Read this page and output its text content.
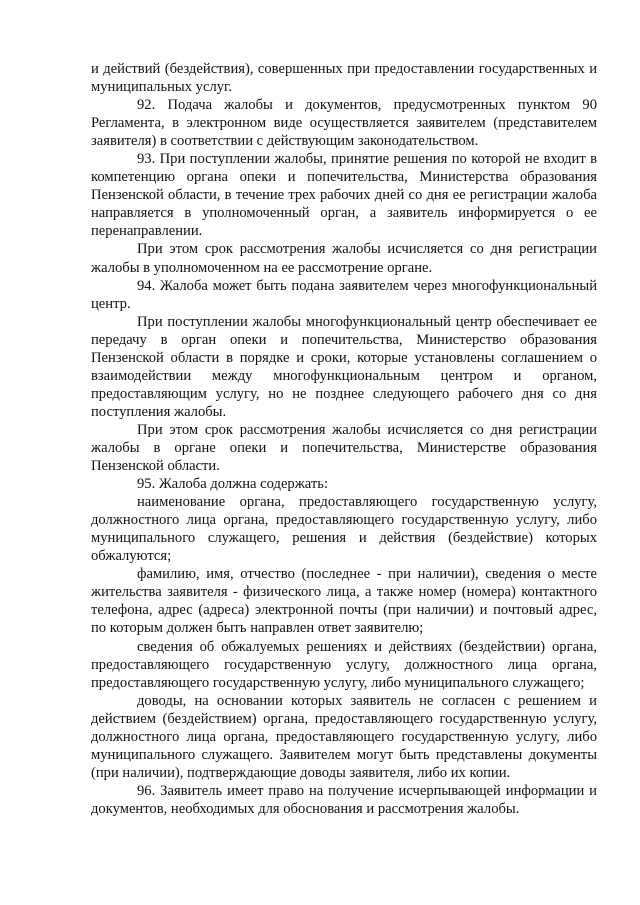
и действий (бездействия), совершенных при предоставлении государственных и муниципальных услуг.

92. Подача жалобы и документов, предусмотренных пунктом 90 Регламента, в электронном виде осуществляется заявителем (представителем заявителя) в соответствии с действующим законодательством.

93. При поступлении жалобы, принятие решения по которой не входит в компетенцию органа опеки и попечительства, Министерства образования Пензенской области, в течение трех рабочих дней со дня ее регистрации жалоба направляется в уполномоченный орган, а заявитель информируется о ее перенаправлении.

При этом срок рассмотрения жалобы исчисляется со дня регистрации жалобы в уполномоченном на ее рассмотрение органе.

94. Жалоба может быть подана заявителем через многофункциональный центр.

При поступлении жалобы многофункциональный центр обеспечивает ее передачу в орган опеки и попечительства, Министерство образования Пензенской области в порядке и сроки, которые установлены соглашением о взаимодействии между многофункциональным центром и органом, предоставляющим услугу, но не позднее следующего рабочего дня со дня поступления жалобы.

При этом срок рассмотрения жалобы исчисляется со дня регистрации жалобы в органе опеки и попечительства, Министерстве образования Пензенской области.

95. Жалоба должна содержать:

наименование органа, предоставляющего государственную услугу, должностного лица органа, предоставляющего государственную услугу, либо муниципального служащего, решения и действия (бездействие) которых обжалуются;

фамилию, имя, отчество (последнее - при наличии), сведения о месте жительства заявителя - физического лица, а также номер (номера) контактного телефона, адрес (адреса) электронной почты (при наличии) и почтовый адрес, по которым должен быть направлен ответ заявителю;

сведения об обжалуемых решениях и действиях (бездействии) органа, предоставляющего государственную услугу, должностного лица органа, предоставляющего государственную услугу, либо муниципального служащего;

доводы, на основании которых заявитель не согласен с решением и действием (бездействием) органа, предоставляющего государственную услугу, должностного лица органа, предоставляющего государственную услугу, либо муниципального служащего. Заявителем могут быть представлены документы (при наличии), подтверждающие доводы заявителя, либо их копии.

96. Заявитель имеет право на получение исчерпывающей информации и документов, необходимых для обоснования и рассмотрения жалобы.
